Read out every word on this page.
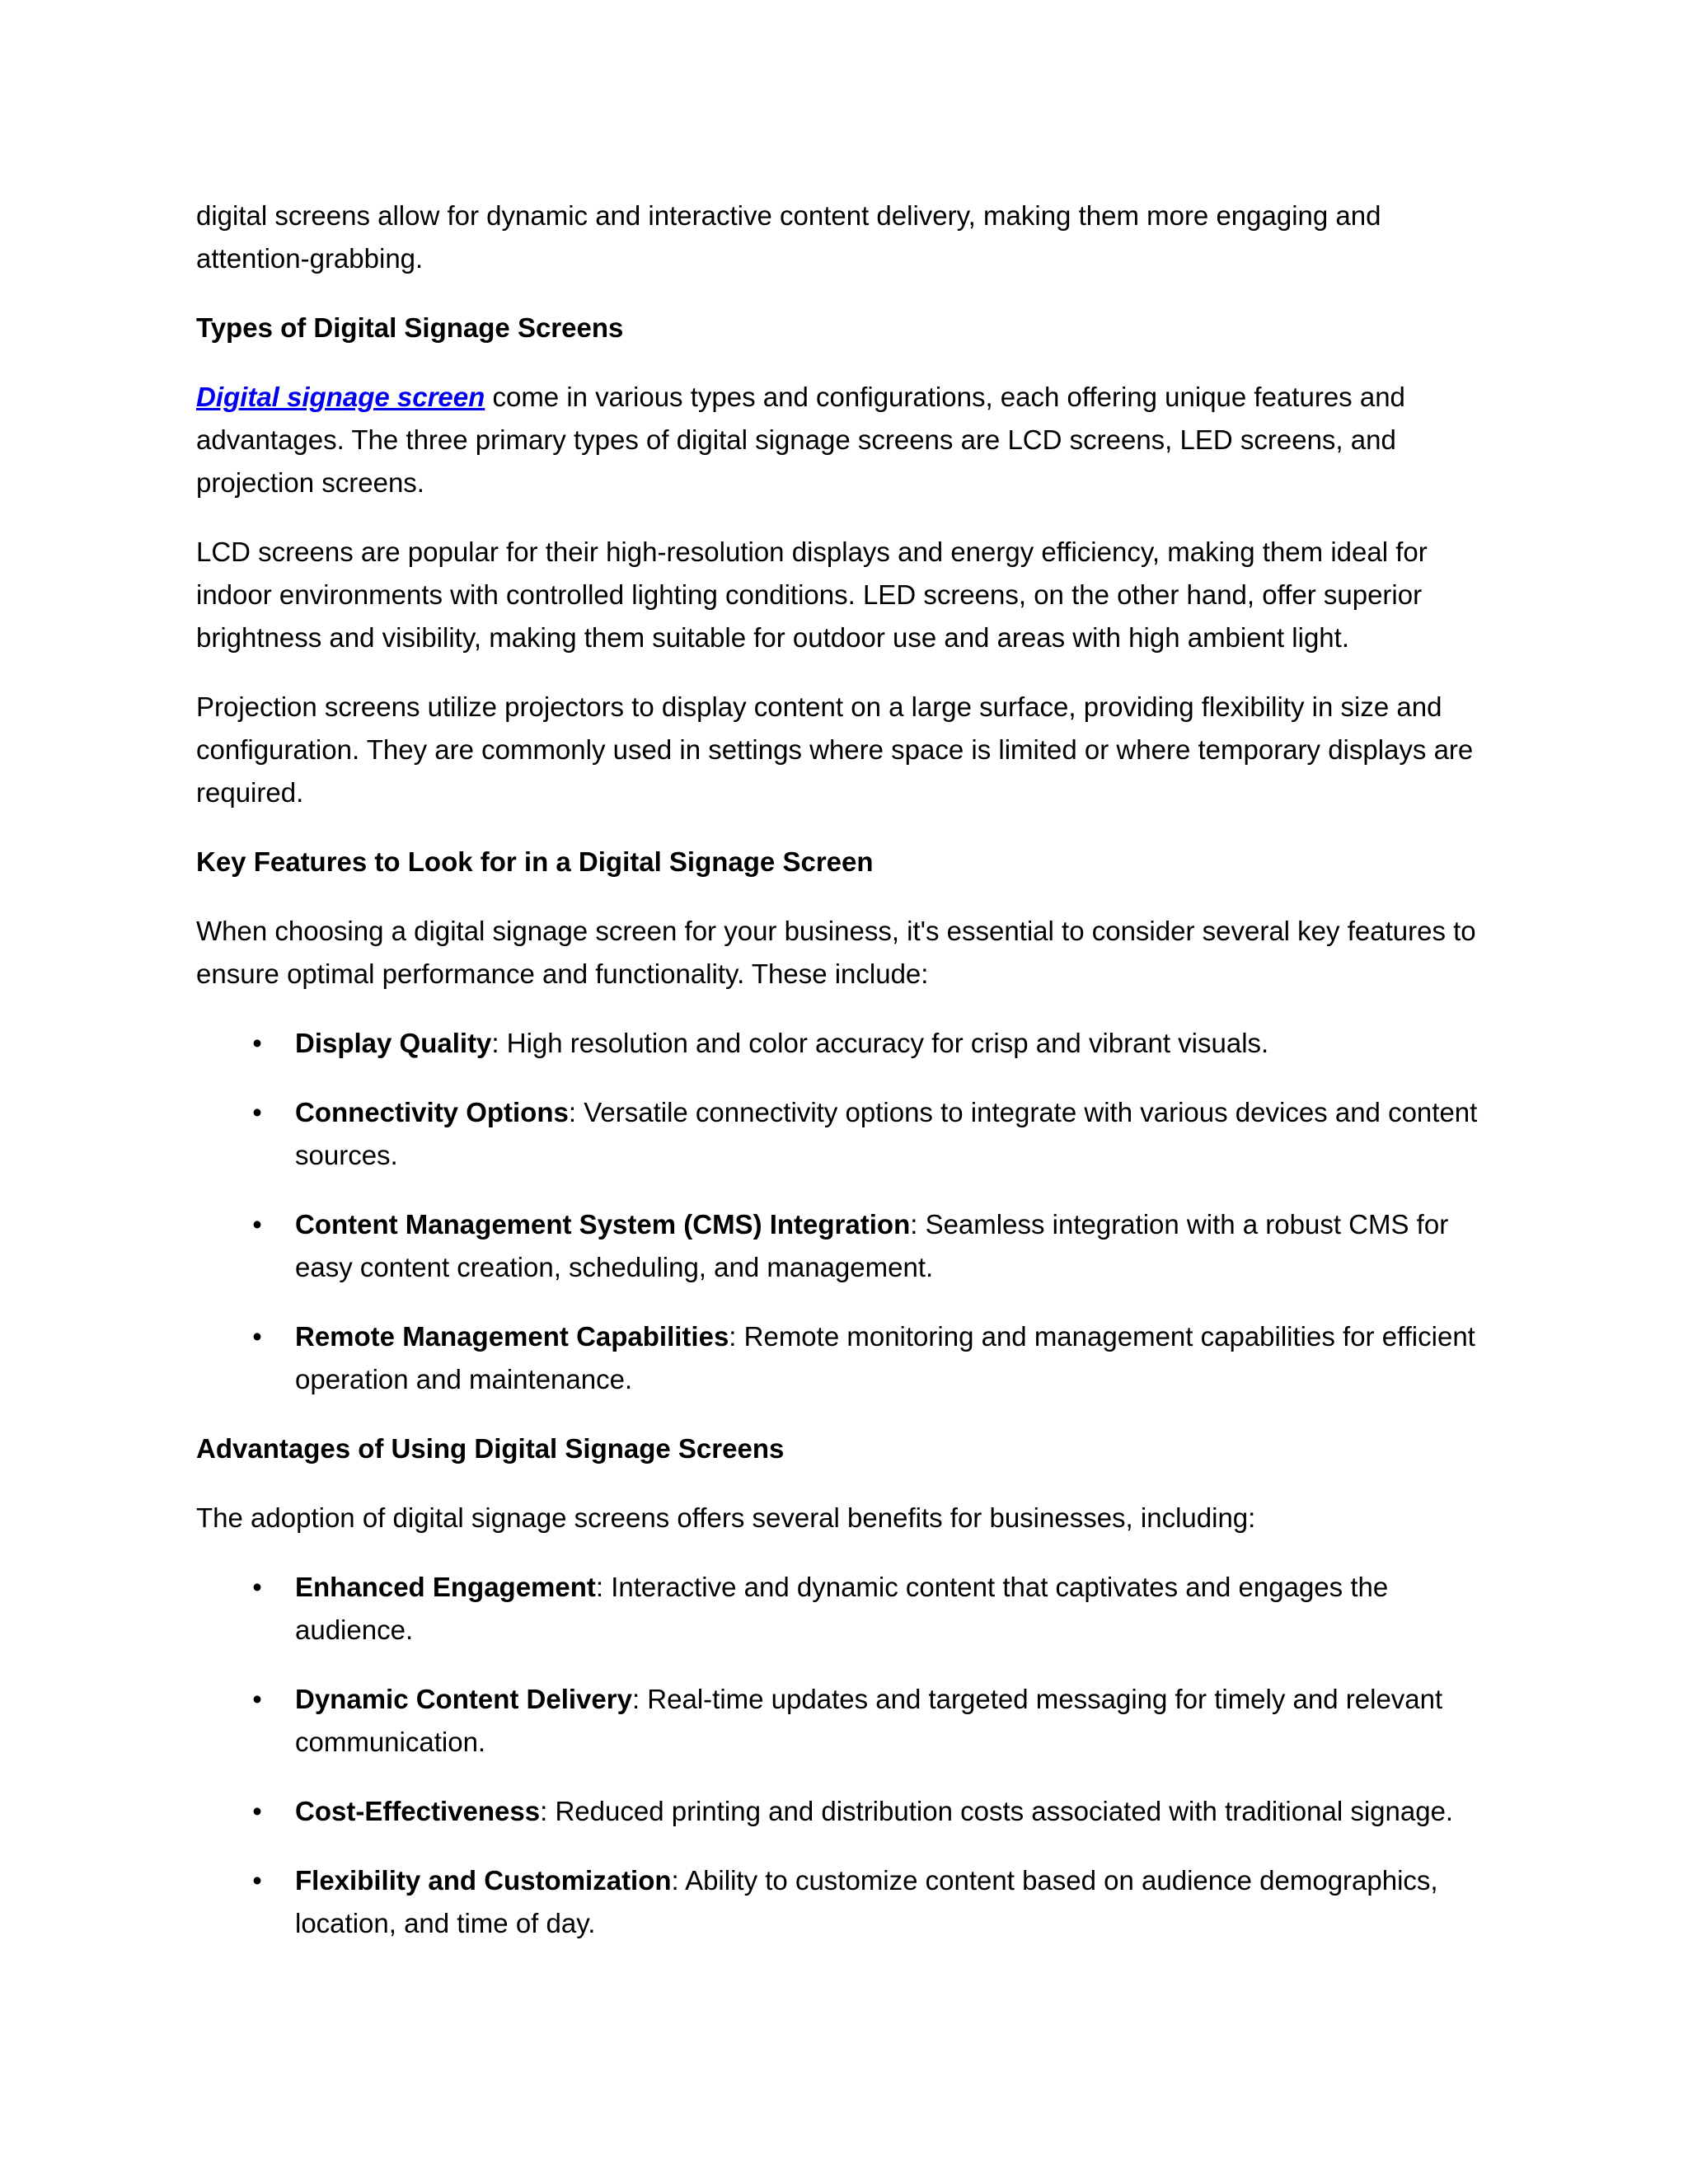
digital screens allow for dynamic and interactive content delivery, making them more engaging and attention-grabbing.

Types of Digital Signage Screens

Digital signage screen come in various types and configurations, each offering unique features and advantages. The three primary types of digital signage screens are LCD screens, LED screens, and projection screens.

LCD screens are popular for their high-resolution displays and energy efficiency, making them ideal for indoor environments with controlled lighting conditions. LED screens, on the other hand, offer superior brightness and visibility, making them suitable for outdoor use and areas with high ambient light.

Projection screens utilize projectors to display content on a large surface, providing flexibility in size and configuration. They are commonly used in settings where space is limited or where temporary displays are required.

Key Features to Look for in a Digital Signage Screen

When choosing a digital signage screen for your business, it's essential to consider several key features to ensure optimal performance and functionality. These include:

• Display Quality: High resolution and color accuracy for crisp and vibrant visuals.
• Connectivity Options: Versatile connectivity options to integrate with various devices and content sources.
• Content Management System (CMS) Integration: Seamless integration with a robust CMS for easy content creation, scheduling, and management.
• Remote Management Capabilities: Remote monitoring and management capabilities for efficient operation and maintenance.

Advantages of Using Digital Signage Screens

The adoption of digital signage screens offers several benefits for businesses, including:

• Enhanced Engagement: Interactive and dynamic content that captivates and engages the audience.
• Dynamic Content Delivery: Real-time updates and targeted messaging for timely and relevant communication.
• Cost-Effectiveness: Reduced printing and distribution costs associated with traditional signage.
• Flexibility and Customization: Ability to customize content based on audience demographics, location, and time of day.
